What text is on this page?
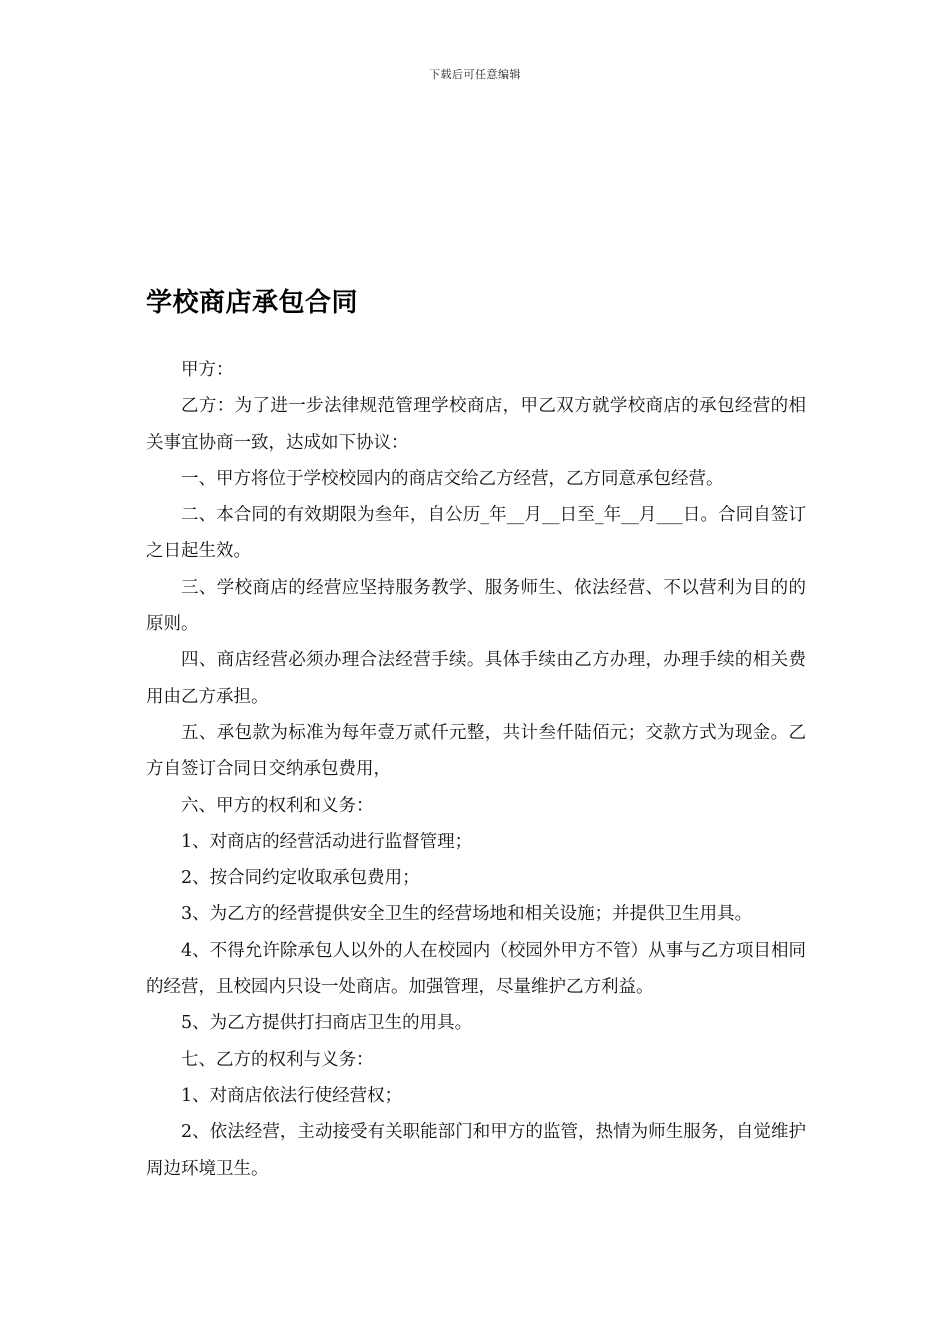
下载后可任意编辑
学校商店承包合同

甲方：

乙方：为了进一步法律规范管理学校商店，甲乙双方就学校商店的承包经营的相关事宜协商一致，达成如下协议：

一、甲方将位于学校校园内的商店交给乙方经营，乙方同意承包经营。

二、本合同的有效期限为叁年，自公历_年__月__日至_年__月___日。合同自签订之日起生效。

三、学校商店的经营应坚持服务教学、服务师生、依法经营、不以营利为目的的原则。

四、商店经营必须办理合法经营手续。具体手续由乙方办理，办理手续的相关费用由乙方承担。

五、承包款为标准为每年壹万贰仟元整，共计叁仟陆佰元；交款方式为现金。乙方自签订合同日交纳承包费用，

六、甲方的权利和义务：

1、对商店的经营活动进行监督管理；

2、按合同约定收取承包费用；

3、为乙方的经营提供安全卫生的经营场地和相关设施；并提供卫生用具。

4、不得允许除承包人以外的人在校园内（校园外甲方不管）从事与乙方项目相同的经营，且校园内只设一处商店。加强管理，尽量维护乙方利益。

5、为乙方提供打扫商店卫生的用具。

七、乙方的权利与义务：

1、对商店依法行使经营权；

2、依法经营，主动接受有关职能部门和甲方的监管，热情为师生服务，自觉维护周边环境卫生。
